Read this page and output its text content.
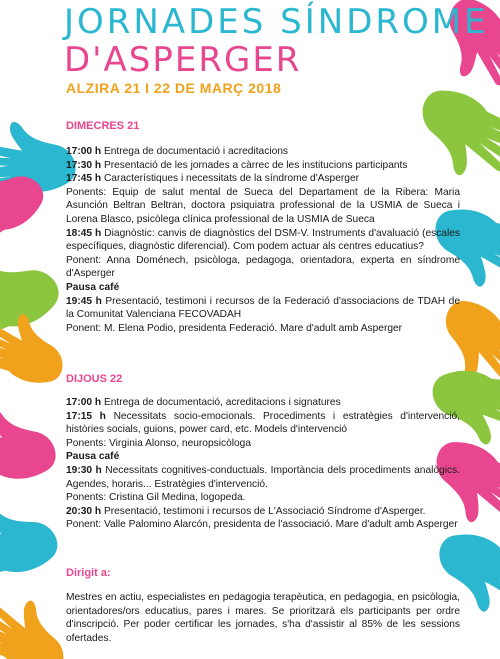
JORNADES SÍNDROME
D'ASPERGER
ALZIRA 21 I 22 DE MARÇ 2018
DIMECRES 21

17:00 h Entrega de documentació i acreditacions

17:30 h Presentació de les jornades a càrrec de les institucions participants

17:45 h Característiques i necessitats de la síndrome d'Asperger

Ponents: Equip de salut mental de Sueca del Departament de la Ribera: Maria Asunción Beltran Beltran, doctora psiquiatra professional de la USMIA de Sueca i Lorena Blasco, psicòlega clínica professional de la USMIA de Sueca

18:45 h Diagnòstic: canvis de diagnòstics del DSM-V. Instruments d'avaluació (escales específiques, diagnòstic diferencial). Com podem actuar als centres educatius?

Ponent: Anna Doménech, psicòloga, pedagoga, orientadora, experta en síndrome d'Asperger

Pausa café

19:45 h Presentació, testimoni i recursos de la Federació d'associacions de TDAH de la Comunitat Valenciana FECOVADAH

Ponent: M. Elena Podio, presidenta Federació. Mare d'adult amb Asperger

DIJOUS 22

17:00 h Entrega de documentació, acreditacions i signatures

17:15 h Necessitats socio-emocionals. Procediments i estratègies d'intervenció, històries socials, guions, power card, etc. Models d'intervenció

Ponents: Virginia Alonso, neuropsicòloga

Pausa café

19:30 h Necessitats cognitives-conductuals. Importància dels procediments analògics. Agendes, horaris... Estratègies d'intervenció.

Ponents: Cristina Gil Medina, logopeda.

20:30 h Presentació, testimoni i recursos de L'Associació Síndrome d'Asperger.

Ponent: Valle Palomino Alarcón, presidenta de l'associació. Mare d'adult amb Asperger

Dirigit a:

Mestres en actiu, especialistes en pedagogia terapèutica, en pedagogia, en psicòlogia, orientadores/ors educatius, pares i mares. Se prioritzarà els participants per ordre d'inscripció. Per poder certificar les jornades, s'ha d'assistir al 85% de les sessions ofertades.
